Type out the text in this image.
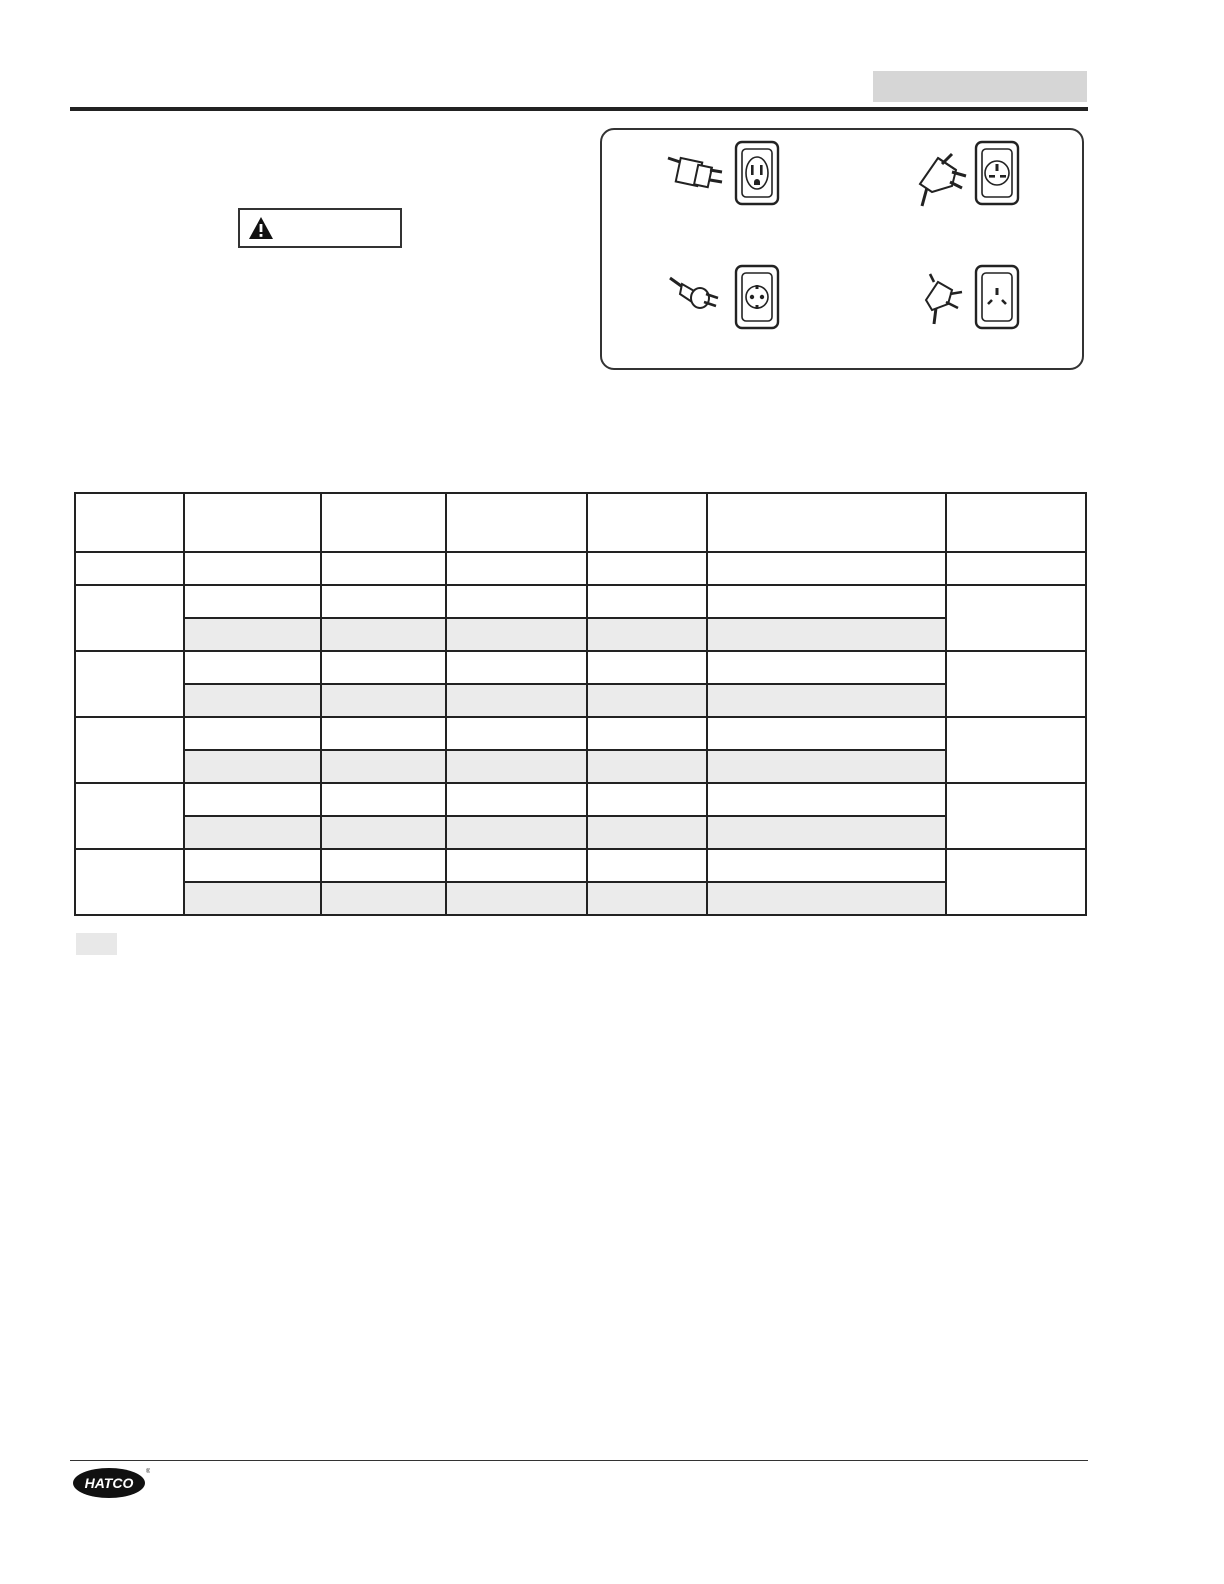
HATCO
®
